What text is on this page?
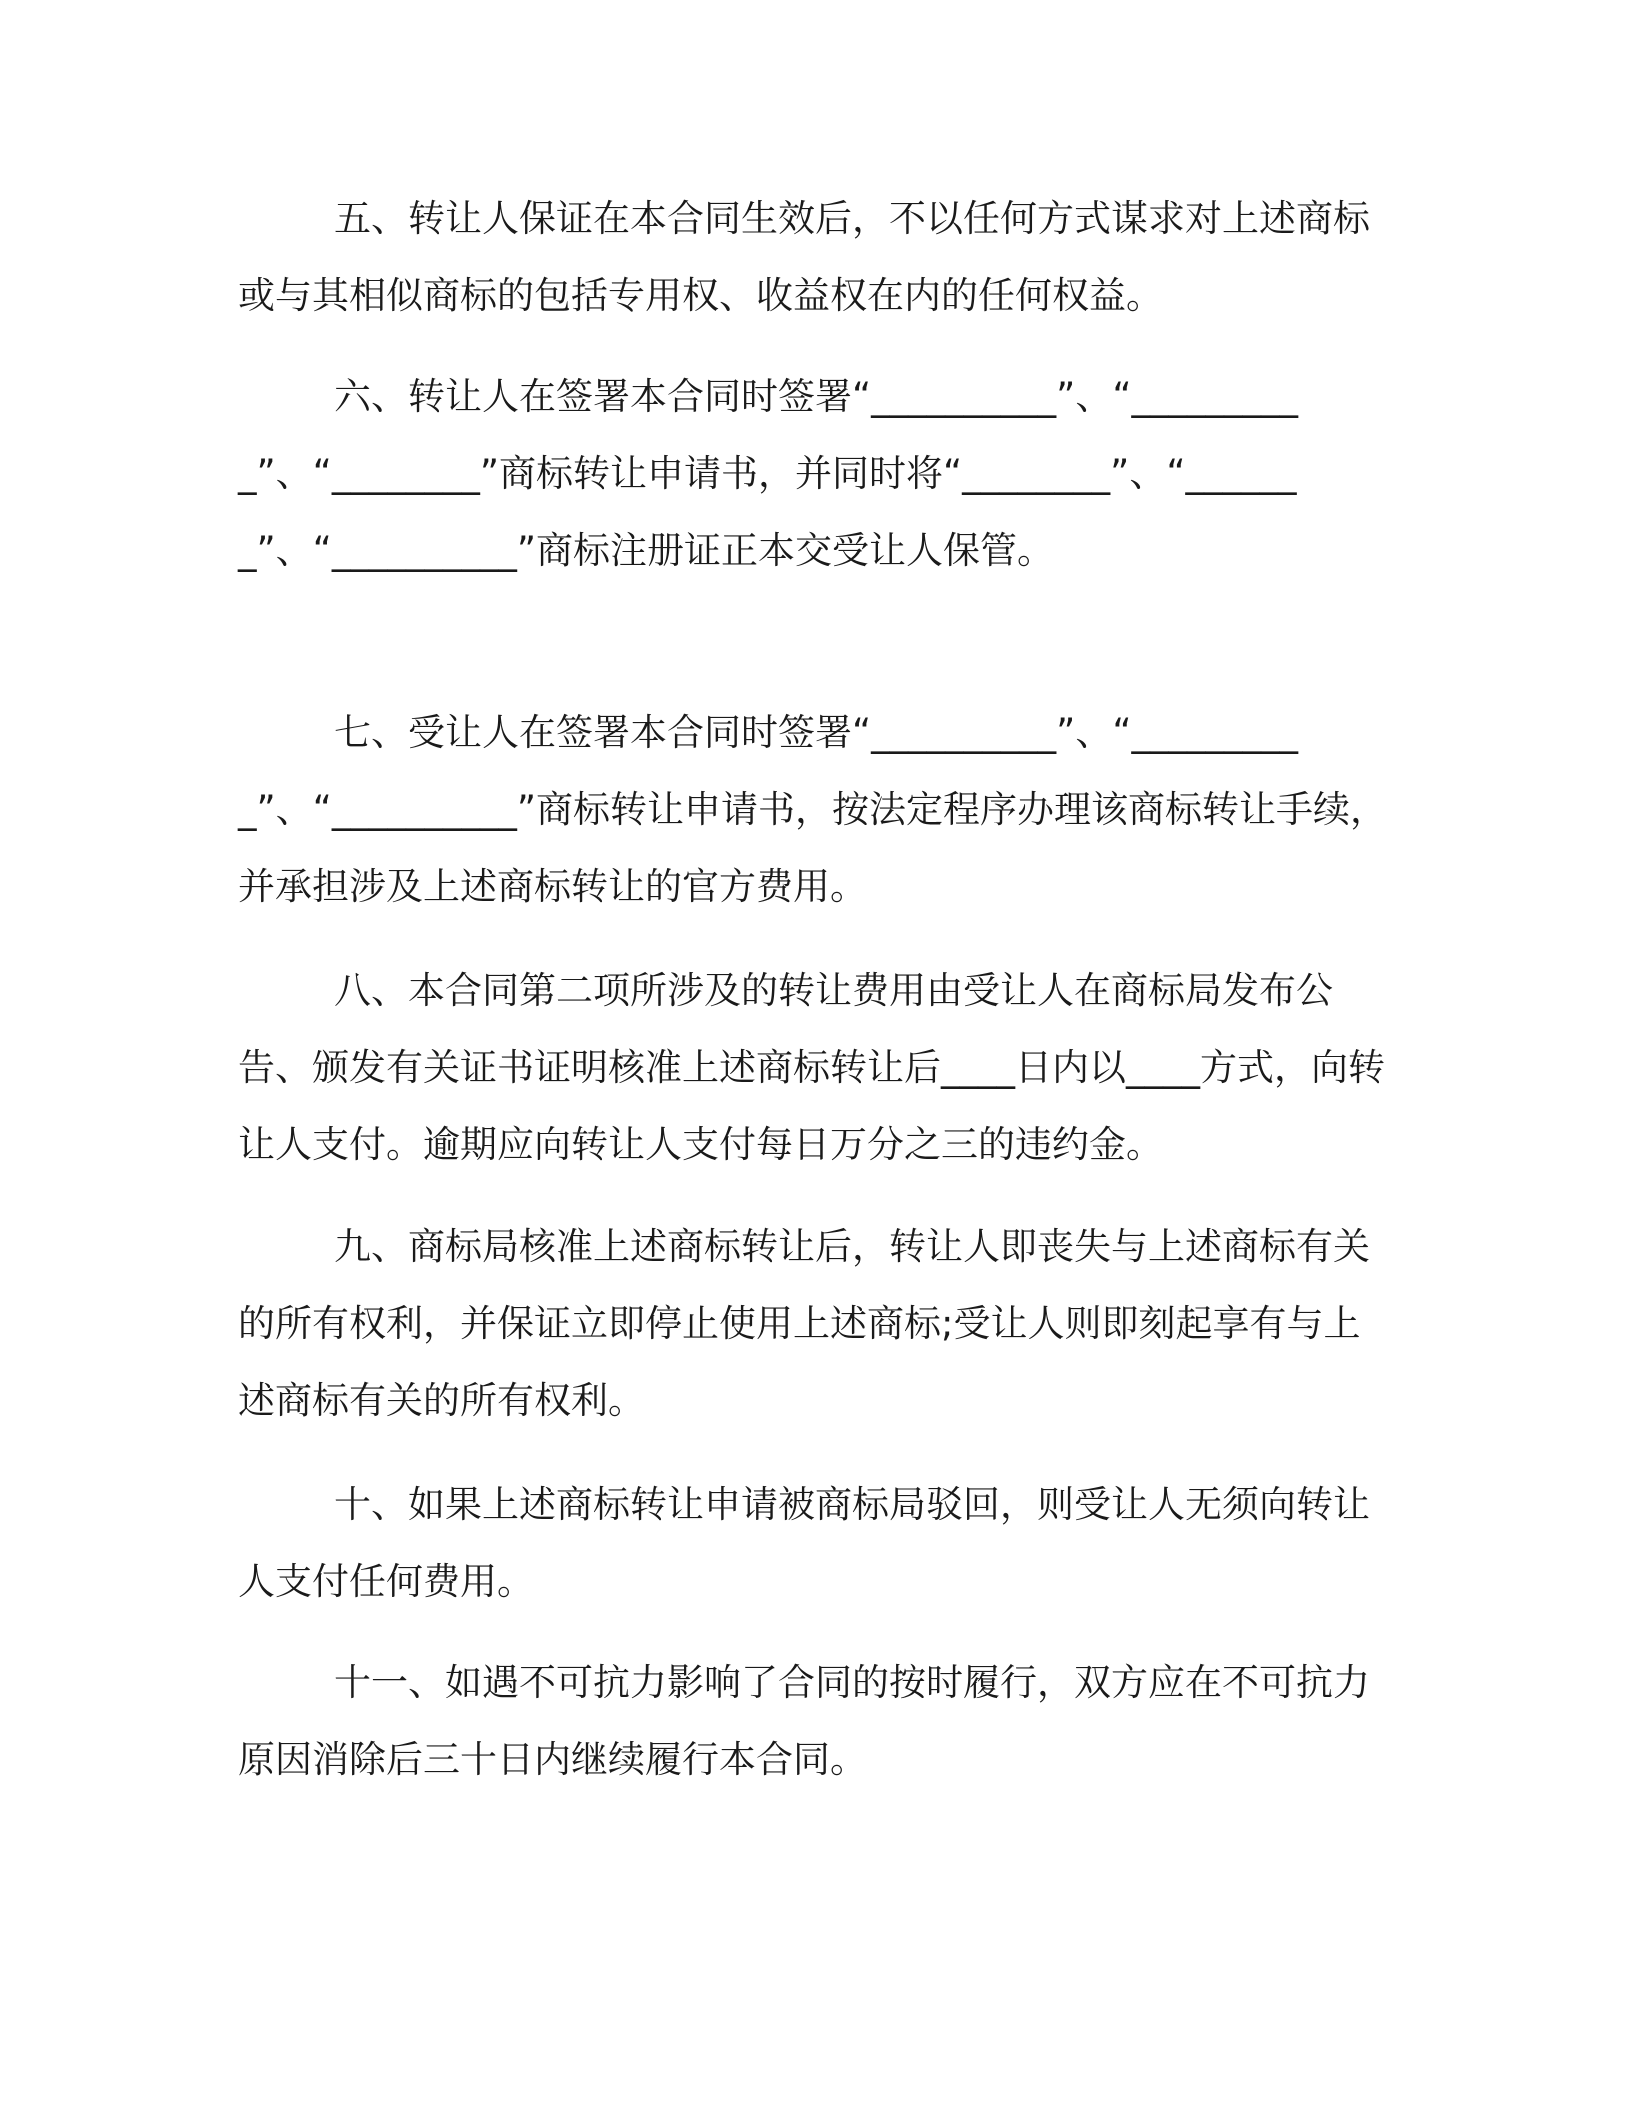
五、转让人保证在本合同生效后，不以任何方式谋求对上述商标或与其相似商标的包括专用权、收益权在内的任何权益。

六、转让人在签署本合同时签署“__________”、“__________”、“________”商标转让申请书，并同时将“________”、“_______”、“__________”商标注册证正本交受让人保管。

七、受让人在签署本合同时签署“__________”、“__________”、“__________”商标转让申请书，按法定程序办理该商标转让手续，并承担涉及上述商标转让的官方费用。

八、本合同第二项所涉及的转让费用由受让人在商标局发布公告、颁发有关证书证明核准上述商标转让后____日内以____方式，向转让人支付。逾期应向转让人支付每日万分之三的违约金。

九、商标局核准上述商标转让后，转让人即丧失与上述商标有关的所有权利，并保证立即停止使用上述商标;受让人则即刻起享有与上述商标有关的所有权利。

十、如果上述商标转让申请被商标局驳回，则受让人无须向转让人支付任何费用。

十一、如遇不可抗力影响了合同的按时履行，双方应在不可抗力原因消除后三十日内继续履行本合同。
